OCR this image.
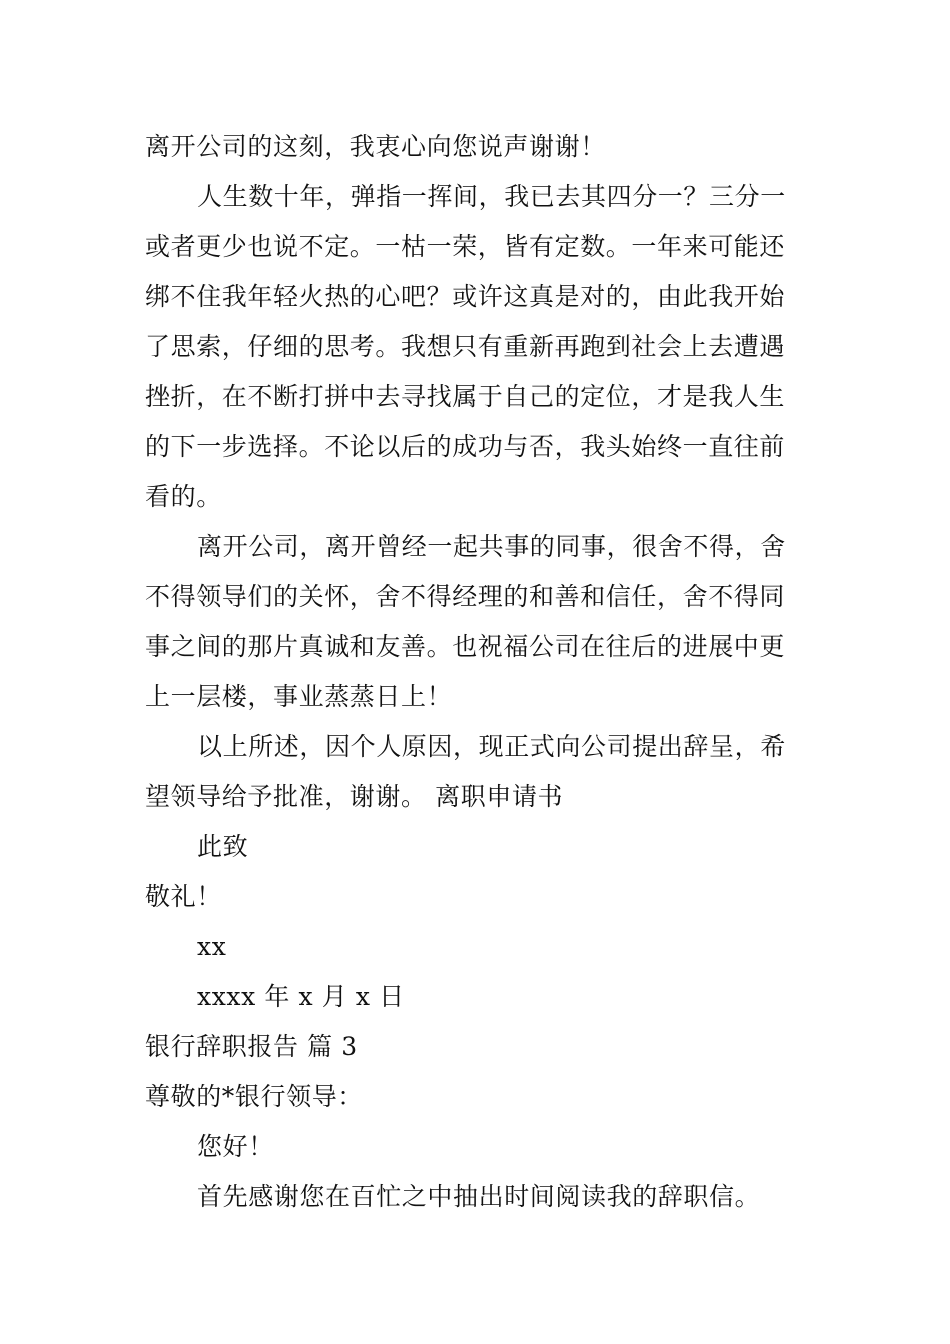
离开公司的这刻，我衷心向您说声谢谢！
人生数十年，弹指一挥间，我已去其四分一？三分一
或者更少也说不定。一枯一荣，皆有定数。一年来可能还
绑不住我年轻火热的心吧？或许这真是对的，由此我开始
了思索，仔细的思考。我想只有重新再跑到社会上去遭遇
挫折，在不断打拼中去寻找属于自己的定位，才是我人生
的下一步选择。不论以后的成功与否，我头始终一直往前
看的。
离开公司，离开曾经一起共事的同事，很舍不得，舍
不得领导们的关怀，舍不得经理的和善和信任，舍不得同
事之间的那片真诚和友善。也祝福公司在往后的进展中更
上一层楼，事业蒸蒸日上！
以上所述，因个人原因，现正式向公司提出辞呈，希
望领导给予批准，谢谢。 离职申请书
此致
敬礼！
xx
xxxx 年 x 月 x 日
银行辞职报告 篇 3
尊敬的*银行领导：
您好！
首先感谢您在百忙之中抽出时间阅读我的辞职信。
